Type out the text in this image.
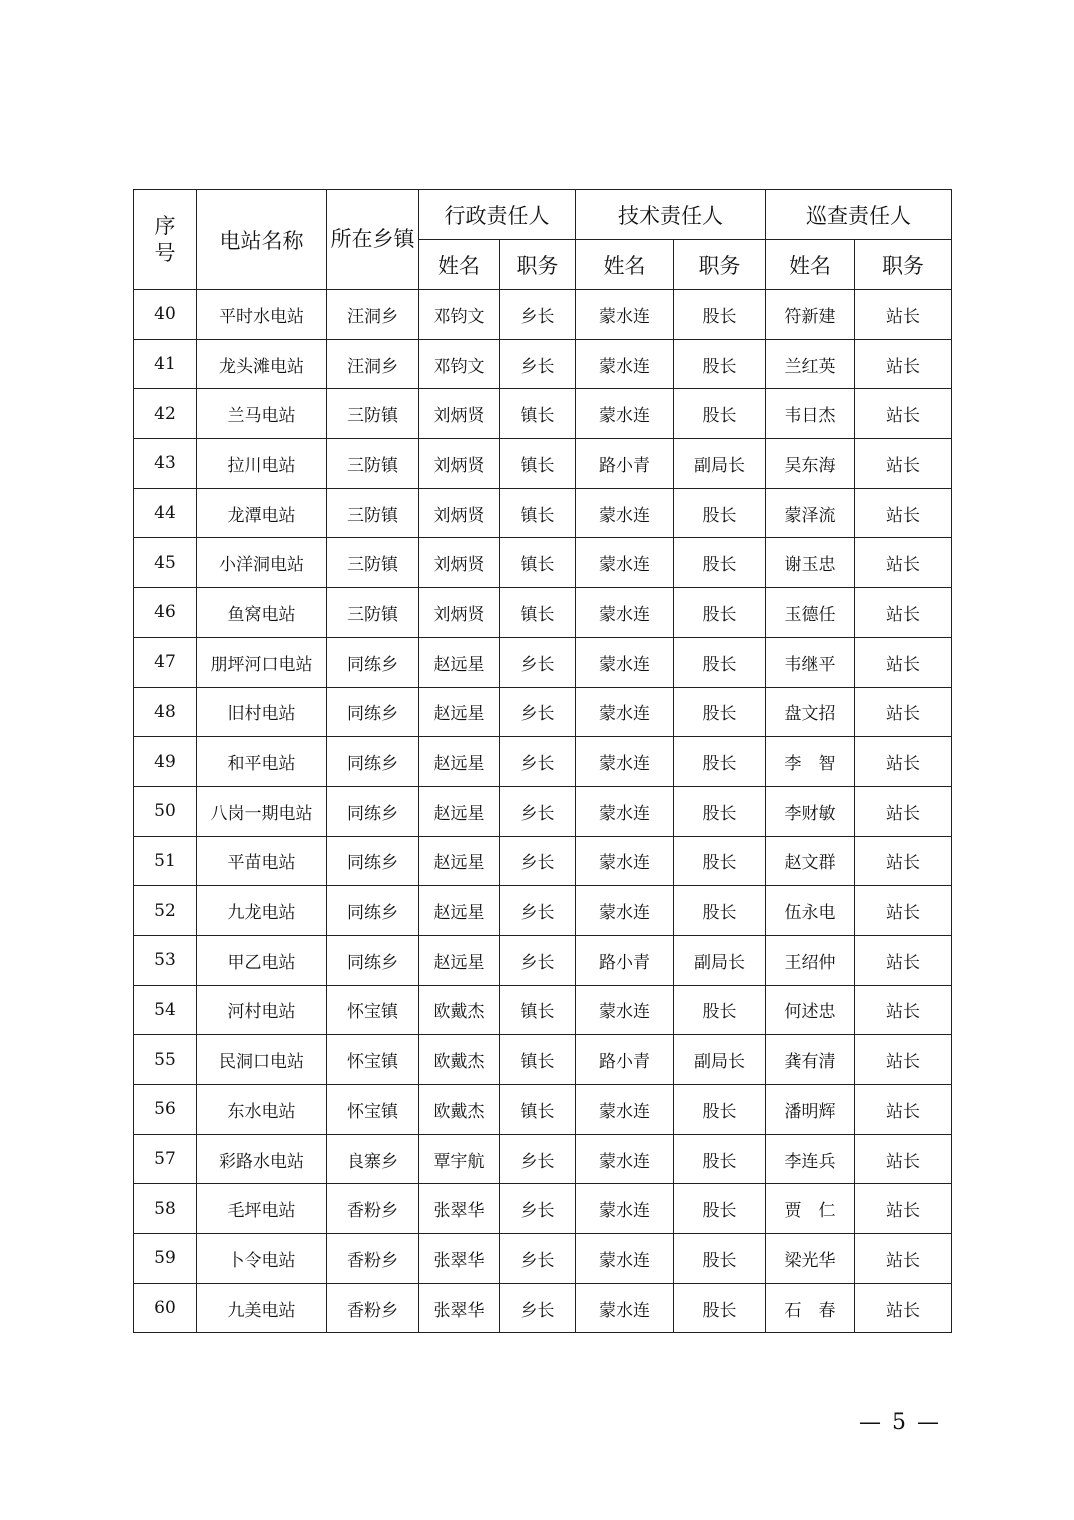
序号	电站名称	所在乡镇	行政责任人		技术责任人		巡查责任人	
			姓名	职务	姓名	职务	姓名	职务
40	平时水电站	汪洞乡	邓钧文	乡长	蒙水连	股长	符新建	站长
41	龙头滩电站	汪洞乡	邓钧文	乡长	蒙水连	股长	兰红英	站长
42	兰马电站	三防镇	刘炳贤	镇长	蒙水连	股长	韦日杰	站长
43	拉川电站	三防镇	刘炳贤	镇长	路小青	副局长	吴东海	站长
44	龙潭电站	三防镇	刘炳贤	镇长	蒙水连	股长	蒙泽流	站长
45	小洋洞电站	三防镇	刘炳贤	镇长	蒙水连	股长	谢玉忠	站长
46	鱼窝电站	三防镇	刘炳贤	镇长	蒙水连	股长	玉德任	站长
47	朋坪河口电站	同练乡	赵远星	乡长	蒙水连	股长	韦继平	站长
48	旧村电站	同练乡	赵远星	乡长	蒙水连	股长	盘文招	站长
49	和平电站	同练乡	赵远星	乡长	蒙水连	股长	李　智	站长
50	八岗一期电站	同练乡	赵远星	乡长	蒙水连	股长	李财敏	站长
51	平苗电站	同练乡	赵远星	乡长	蒙水连	股长	赵文群	站长
52	九龙电站	同练乡	赵远星	乡长	蒙水连	股长	伍永电	站长
53	甲乙电站	同练乡	赵远星	乡长	路小青	副局长	王绍仲	站长
54	河村电站	怀宝镇	欧戴杰	镇长	蒙水连	股长	何述忠	站长
55	民洞口电站	怀宝镇	欧戴杰	镇长	路小青	副局长	龚有清	站长
56	东水电站	怀宝镇	欧戴杰	镇长	蒙水连	股长	潘明辉	站长
57	彩路水电站	良寨乡	覃宇航	乡长	蒙水连	股长	李连兵	站长
58	毛坪电站	香粉乡	张翠华	乡长	蒙水连	股长	贾　仁	站长
59	卜令电站	香粉乡	张翠华	乡长	蒙水连	股长	梁光华	站长
60	九美电站	香粉乡	张翠华	乡长	蒙水连	股长	石　春	站长
— 5 —
